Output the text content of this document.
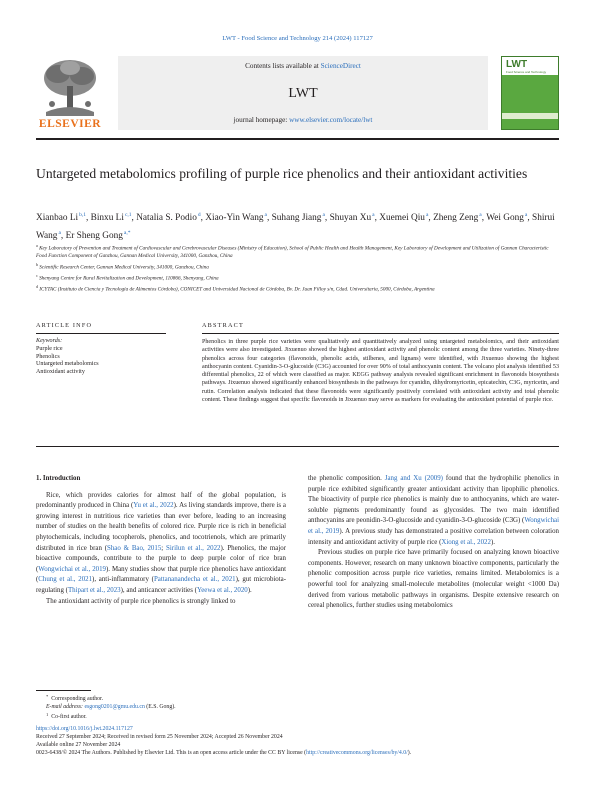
LWT - Food Science and Technology 214 (2024) 117127
ELSEVIER
Contents lists available at ScienceDirect
LWT
journal homepage: www.elsevier.com/locate/lwt
LWT
Food Science and Technology
Untargeted metabolomics profiling of purple rice phenolics and their antioxidant activities
Xianbao Li$^{b,1}$, Binxu Li$^{c,1}$, Natalia S. Podio$^d$, Xiao-Yin Wang$^a$, Suhang Jiang$^a$, Shuyan Xu$^a$, Xuemei Qiu$^a$, Zheng Zeng$^a$, Wei Gong$^a$, Shirui Wang$^a$, Er Sheng Gong$^{a,*}$
$^a$ Key Laboratory of Prevention and Treatment of Cardiovascular and Cerebrovascular Diseases (Ministry of Education), School of Public Health and Health Management, Key Laboratory of Development and Utilization of Gannan Characteristic Food Function Component of Ganzhou, Gannan Medical University, 341000, Ganzhou, China
$^b$ Scientific Research Center, Gannan Medical University, 341000, Ganzhou, China
$^c$ Shenyang Centre for Rural Revitalization and Development, 110866, Shenyang, China
$^d$ ICYTAC (Instituto de Ciencia y Tecnología de Alimentos Córdoba), CONICET and Universidad Nacional de Córdoba, Bv. Dr. Juan Filloy s/n, Cdad. Universitaria, 5000, Córdoba, Argentina
ARTICLE INFO
Keywords:
Purple rice
Phenolics
Untargeted metabolomics
Antioxidant activity
ABSTRACT
Phenolics in three purple rice varieties were qualitatively and quantitatively analyzed using untargeted metabolomics, and their antioxidant activities were also investigated. Jixuenuo showed the highest antioxidant activity and phenolic content among the three varieties. Ninety-three phenolics across four categories (flavonoids, phenolic acids, stilbenes, and lignans) were identified, with Jixuenuo showing the highest anthocyanin content. Cyanidin-3-O-glucoside (C3G) accounted for over 90% of total anthocyanin content. The volcano plot analysis identified 53 differential phenolics, 22 of which were classified as major. KEGG pathway analysis revealed significant enrichment in flavonoids biosynthesis pathways. Jixuenuo showed significantly enhanced biosynthesis in the pathways for cyanidin, dihydromyricetin, epicatechin, C3G, myricetin, and rutin. Correlation analysis indicated that these flavonoids were significantly positively correlated with antioxidant activity and total phenolic content. These findings suggest that specific flavonoids in Jixuenuo may serve as markers for evaluating the antioxidant potential of purple rice.
1. Introduction

Rice, which provides calories for almost half of the global population, is predominantly produced in China (Yu et al., 2022). As living standards improve, there is a growing interest in nutritious rice varieties than ever before, leading to an increasing number of studies on the health benefits of colored rice. Purple rice is rich in beneficial phytochemicals, including tocopherols, phenolics, and tocotrienols, which are primarily distributed in rice bran (Shao & Bao, 2015; Sirilun et al., 2022). Phenolics, the major bioactive compounds, contribute to the purple to deep purple color of rice bran (Wongwichai et al., 2019). Many studies show that purple rice phenolics have antioxidant (Chung et al., 2021), anti-inflammatory (Pattananandecha et al., 2021), gut microbiota-regulating (Thipart et al., 2023), and anticancer activities (Yeewa et al., 2020).

The antioxidant activity of purple rice phenolics is strongly linked to

the phenolic composition. Jang and Xu (2009) found that the hydrophilic phenolics in purple rice exhibited significantly greater antioxidant activity than lipophilic phenolics. The bioactivity of purple rice phenolics is mainly due to anthocyanins, which are water-soluble pigments predominantly found as glycosides. The two main identified anthocyanins are peonidin-3-O-glucoside and cyanidin-3-O-glucoside (C3G) (Wongwichai et al., 2019). A previous study has demonstrated a positive correlation between coloration intensity and antioxidant activity of purple rice (Xiong et al., 2022).

Previous studies on purple rice have primarily focused on analyzing known bioactive components. However, research on many unknown bioactive components, particularly the phenolic composition across purple rice varieties, remains limited. Metabolomics is a powerful tool for analyzing small-molecule metabolites (molecular weight <1000 Da) derived from various metabolic pathways in organisms. Despite extensive research on cereal phenolics, further studies using metabolomics

* Corresponding author.
E-mail address: esgong0201@gmu.edu.cn (E.S. Gong).
$^1$ Co-first author.
https://doi.org/10.1016/j.lwt.2024.117127
Received 27 September 2024; Received in revised form 25 November 2024; Accepted 26 November 2024
Available online 27 November 2024
0023-6438/© 2024 The Authors. Published by Elsevier Ltd. This is an open access article under the CC BY license (http://creativecommons.org/licenses/by/4.0/).
